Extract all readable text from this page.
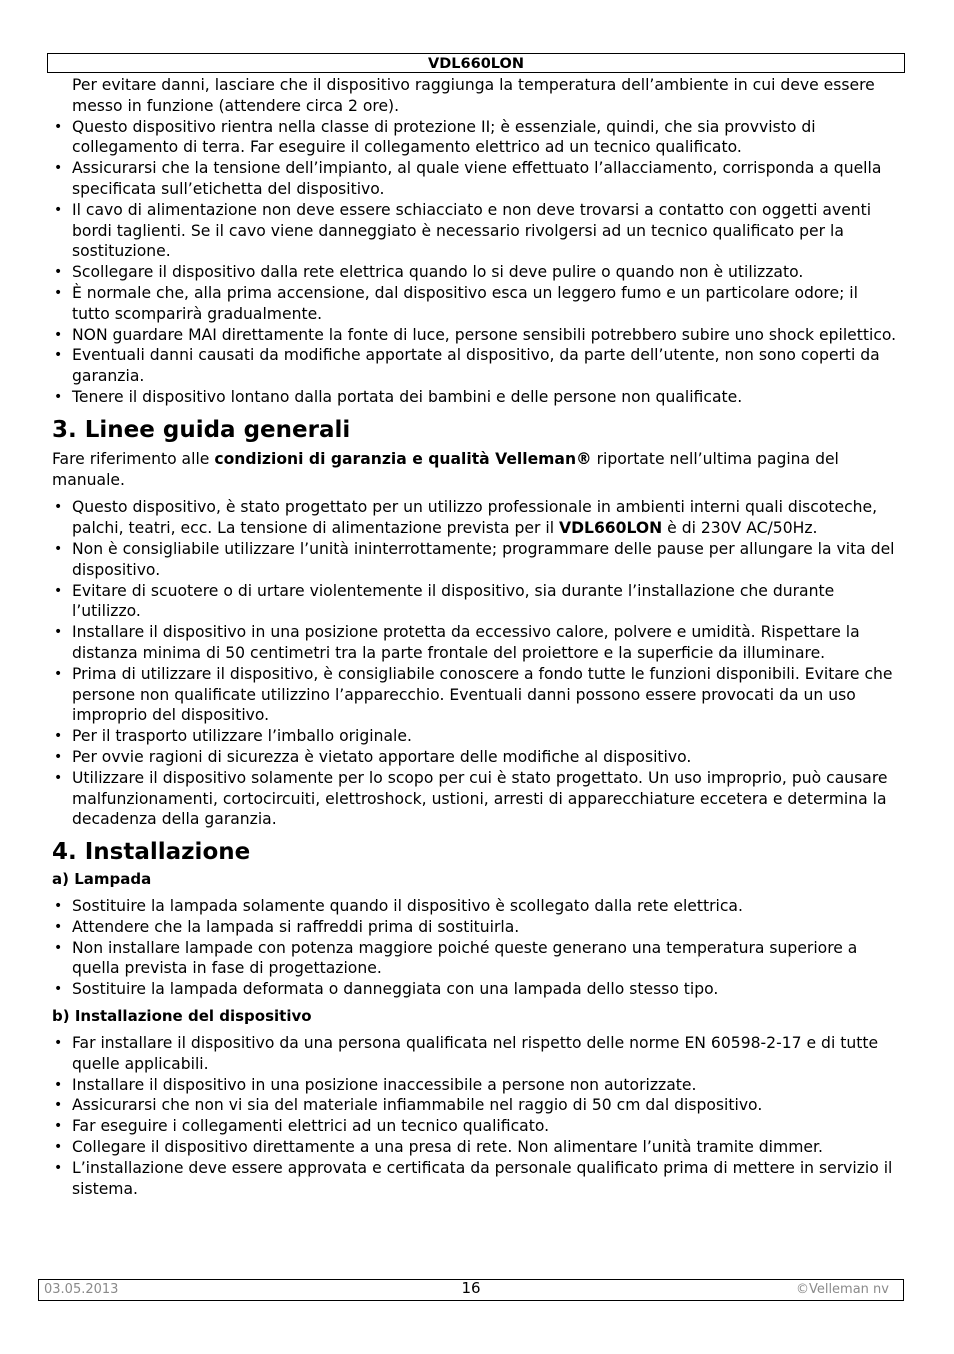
VDL660LON

Per evitare danni, lasciare che il dispositivo raggiunga la temperatura dell’ambiente in cui deve essere messo in funzione (attendere circa 2 ore).

• Questo dispositivo rientra nella classe di protezione II; è essenziale, quindi, che sia provvisto di collegamento di terra. Far eseguire il collegamento elettrico ad un tecnico qualificato.
• Assicurarsi che la tensione dell’impianto, al quale viene effettuato l’allacciamento, corrisponda a quella specificata sull’etichetta del dispositivo.
• Il cavo di alimentazione non deve essere schiacciato e non deve trovarsi a contatto con oggetti aventi bordi taglienti. Se il cavo viene danneggiato è necessario rivolgersi ad un tecnico qualificato per la sostituzione.
• Scollegare il dispositivo dalla rete elettrica quando lo si deve pulire o quando non è utilizzato.
• È normale che, alla prima accensione, dal dispositivo esca un leggero fumo e un particolare odore; il tutto scomparirà gradualmente.
• NON guardare MAI direttamente la fonte di luce, persone sensibili potrebbero subire uno shock epilettico.
• Eventuali danni causati da modifiche apportate al dispositivo, da parte dell’utente, non sono coperti da garanzia.
• Tenere il dispositivo lontano dalla portata dei bambini e delle persone non qualificate.
3. Linee guida generali

Fare riferimento alle condizioni di garanzia e qualità Velleman® riportate nell’ultima pagina del manuale.

• Questo dispositivo, è stato progettato per un utilizzo professionale in ambienti interni quali discoteche, palchi, teatri, ecc. La tensione di alimentazione prevista per il VDL660LON è di 230V AC/50Hz.
• Non è consigliabile utilizzare l’unità ininterrottamente; programmare delle pause per allungare la vita del dispositivo.
• Evitare di scuotere o di urtare violentemente il dispositivo, sia durante l’installazione che durante l’utilizzo.
• Installare il dispositivo in una posizione protetta da eccessivo calore, polvere e umidità. Rispettare la distanza minima di 50 centimetri tra la parte frontale del proiettore e la superficie da illuminare.
• Prima di utilizzare il dispositivo, è consigliabile conoscere a fondo tutte le funzioni disponibili. Evitare che persone non qualificate utilizzino l’apparecchio. Eventuali danni possono essere provocati da un uso improprio del dispositivo.
• Per il trasporto utilizzare l’imballo originale.
• Per ovvie ragioni di sicurezza è vietato apportare delle modifiche al dispositivo.
• Utilizzare il dispositivo solamente per lo scopo per cui è stato progettato. Un uso improprio, può causare malfunzionamenti, cortocircuiti, elettroshock, ustioni, arresti di apparecchiature eccetera e determina la decadenza della garanzia.
4. Installazione
a) Lampada
• Sostituire la lampada solamente quando il dispositivo è scollegato dalla rete elettrica.
• Attendere che la lampada si raffreddi prima di sostituirla.
• Non installare lampade con potenza maggiore poiché queste generano una temperatura superiore a quella prevista in fase di progettazione.
• Sostituire la lampada deformata o danneggiata con una lampada dello stesso tipo.
b) Installazione del dispositivo
• Far installare il dispositivo da una persona qualificata nel rispetto delle norme EN 60598-2-17 e di tutte quelle applicabili.
• Installare il dispositivo in una posizione inaccessibile a persone non autorizzate.
• Assicurarsi che non vi sia del materiale infiammabile nel raggio di 50 cm dal dispositivo.
• Far eseguire i collegamenti elettrici ad un tecnico qualificato.
• Collegare il dispositivo direttamente a una presa di rete. Non alimentare l’unità tramite dimmer.
• L’installazione deve essere approvata e certificata da personale qualificato prima di mettere in servizio il sistema.
03.05.2013	16	©Velleman nv
